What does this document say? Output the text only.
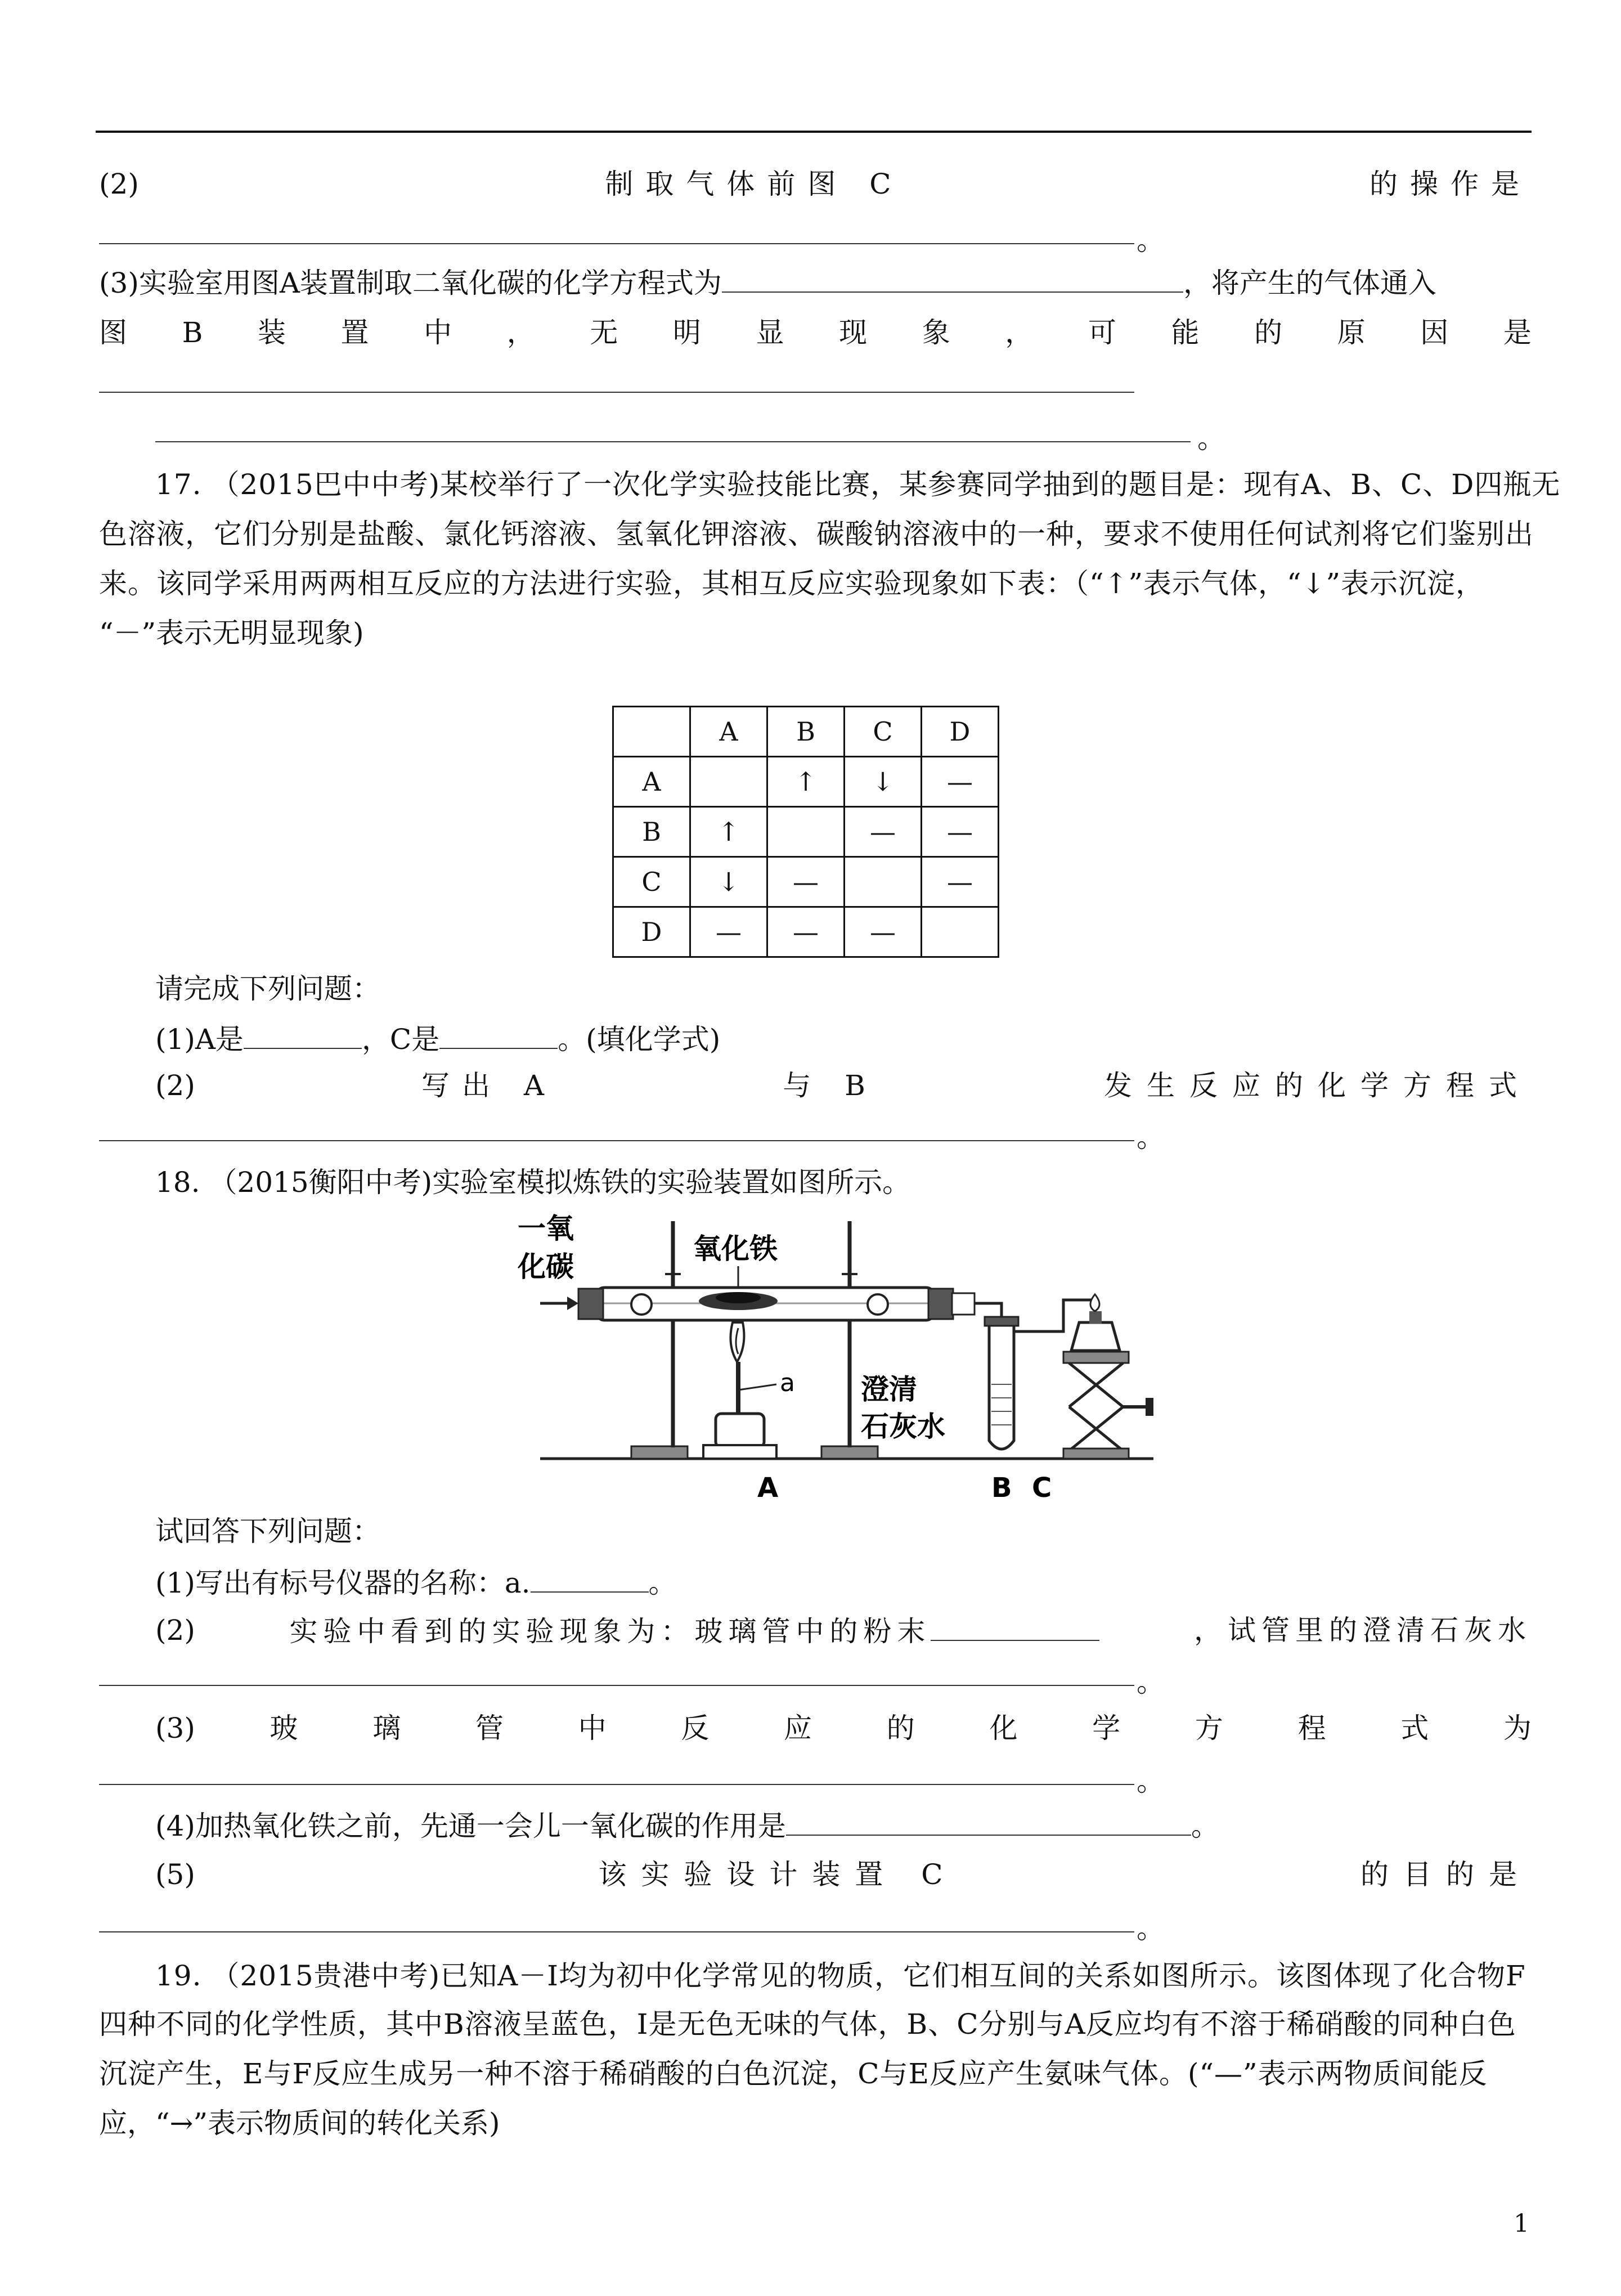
(2)	制取气体前图 C	的操作是
。
(3)实验室用图A装置制取二氧化碳的化学方程式为	，将产生的气体通入
图 B 装 置 中 ， 无 明 显 现 象 ， 可 能 的 原 因 是
。
17. （2015巴中中考)某校举行了一次化学实验技能比赛，某参赛同学抽到的题目是：现有A、B、C、D四瓶无
色溶液，它们分别是盐酸、氯化钙溶液、氢氧化钾溶液、碳酸钠溶液中的一种，要求不使用任何试剂将它们鉴别出
来。该同学采用两两相互反应的方法进行实验，其相互反应实验现象如下表：（“↑”表示气体，“↓”表示沉淀，
“－”表示无明显现象)
	A	B	C	D
A		↑	↓	—
B	↑		—	—
C	↓	—		—
D	—	—	—	
请完成下列问题：
(1)A是	，C是	。(填化学式)
(2)	写出 A	与 B	发生反应的化学方程式
。
18. （2015衡阳中考)实验室模拟炼铁的实验装置如图所示。
一氧
化碳
氧化铁
a 澄清
石灰水
A	B C
试回答下列问题：
(1)写出有标号仪器的名称：a.	。
(2)	实验中看到的实验现象为：玻璃管中的粉末	，试管里的澄清石灰水
。
(3)	玻	璃	管	中	反	应	的	化	学	方	程	式	为
。
(4)加热氧化铁之前，先通一会儿一氧化碳的作用是	。
(5)	该实验设计装置 C	的目的是
。
19. （2015贵港中考)已知A－I均为初中化学常见的物质，它们相互间的关系如图所示。该图体现了化合物F
四种不同的化学性质，其中B溶液呈蓝色，I是无色无味的气体，B、C分别与A反应均有不溶于稀硝酸的同种白色
沉淀产生，E与F反应生成另一种不溶于稀硝酸的白色沉淀，C与E反应产生氨味气体。(“—”表示两物质间能反
应，“→”表示物质间的转化关系)
1
